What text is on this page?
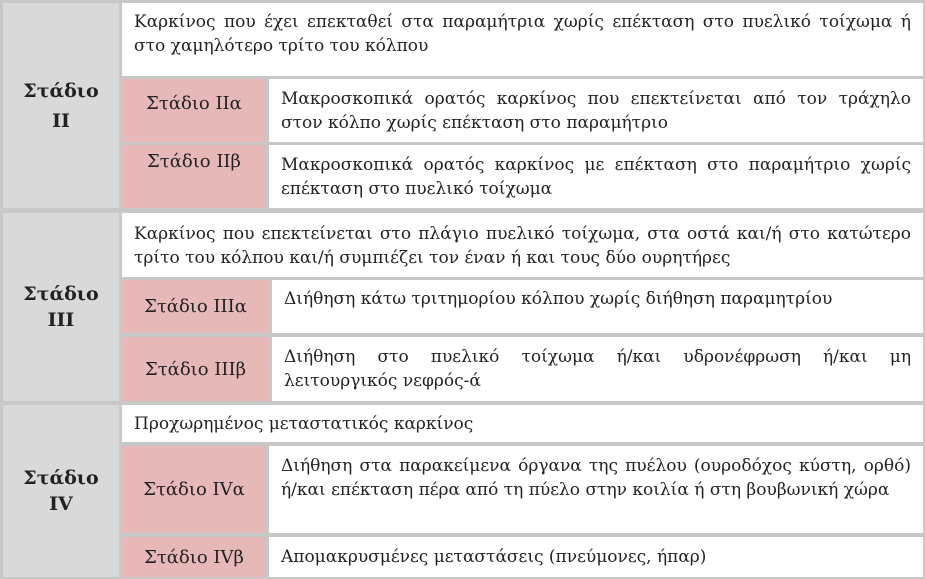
Στάδιο
II

Καρκίνος που έχει επεκταθεί στα παραμήτρια χωρίς επέκταση στο πυελικό τοίχωμα ή στο χαμηλότερο τρίτο του κόλπου

Στάδιο IIα Μακροσκοπικά ορατός καρκίνος που επεκτείνεται από τον τράχηλο στον κόλπο χωρίς επέκταση στο παραμήτριο

Στάδιο IIβ Μακροσκοπικά ορατός καρκίνος με επέκταση στο παραμήτριο χωρίς επέκταση στο πυελικό τοίχωμα

Στάδιο
III

Καρκίνος που επεκτείνεται στο πλάγιο πυελικό τοίχωμα, στα οστά και/ή στο κατώτερο τρίτο του κόλπου και/ή συμπιέζει τον έναν ή και τους δύο ουρητήρες

Στάδιο IIIα Διήθηση κάτω τριτημορίου κόλπου χωρίς διήθηση παραμητρίου

Στάδιο IIIβ

Διήθηση στο πυελικό τοίχωμα ή/και υδρονέφρωση ή/και μη λειτουργικός νεφρός-ά

Στάδιο
IV

Προχωρημένος μεταστατικός καρκίνος

Στάδιο IVα

Διήθηση στα παρακείμενα όργανα της πυέλου (ουροδόχος κύστη, ορθό) ή/και επέκταση πέρα από τη πύελο στην κοιλία ή στη βουβωνική χώρα

Στάδιο IVβ Απομακρυσμένες μεταστάσεις (πνεύμονες, ήπαρ)
